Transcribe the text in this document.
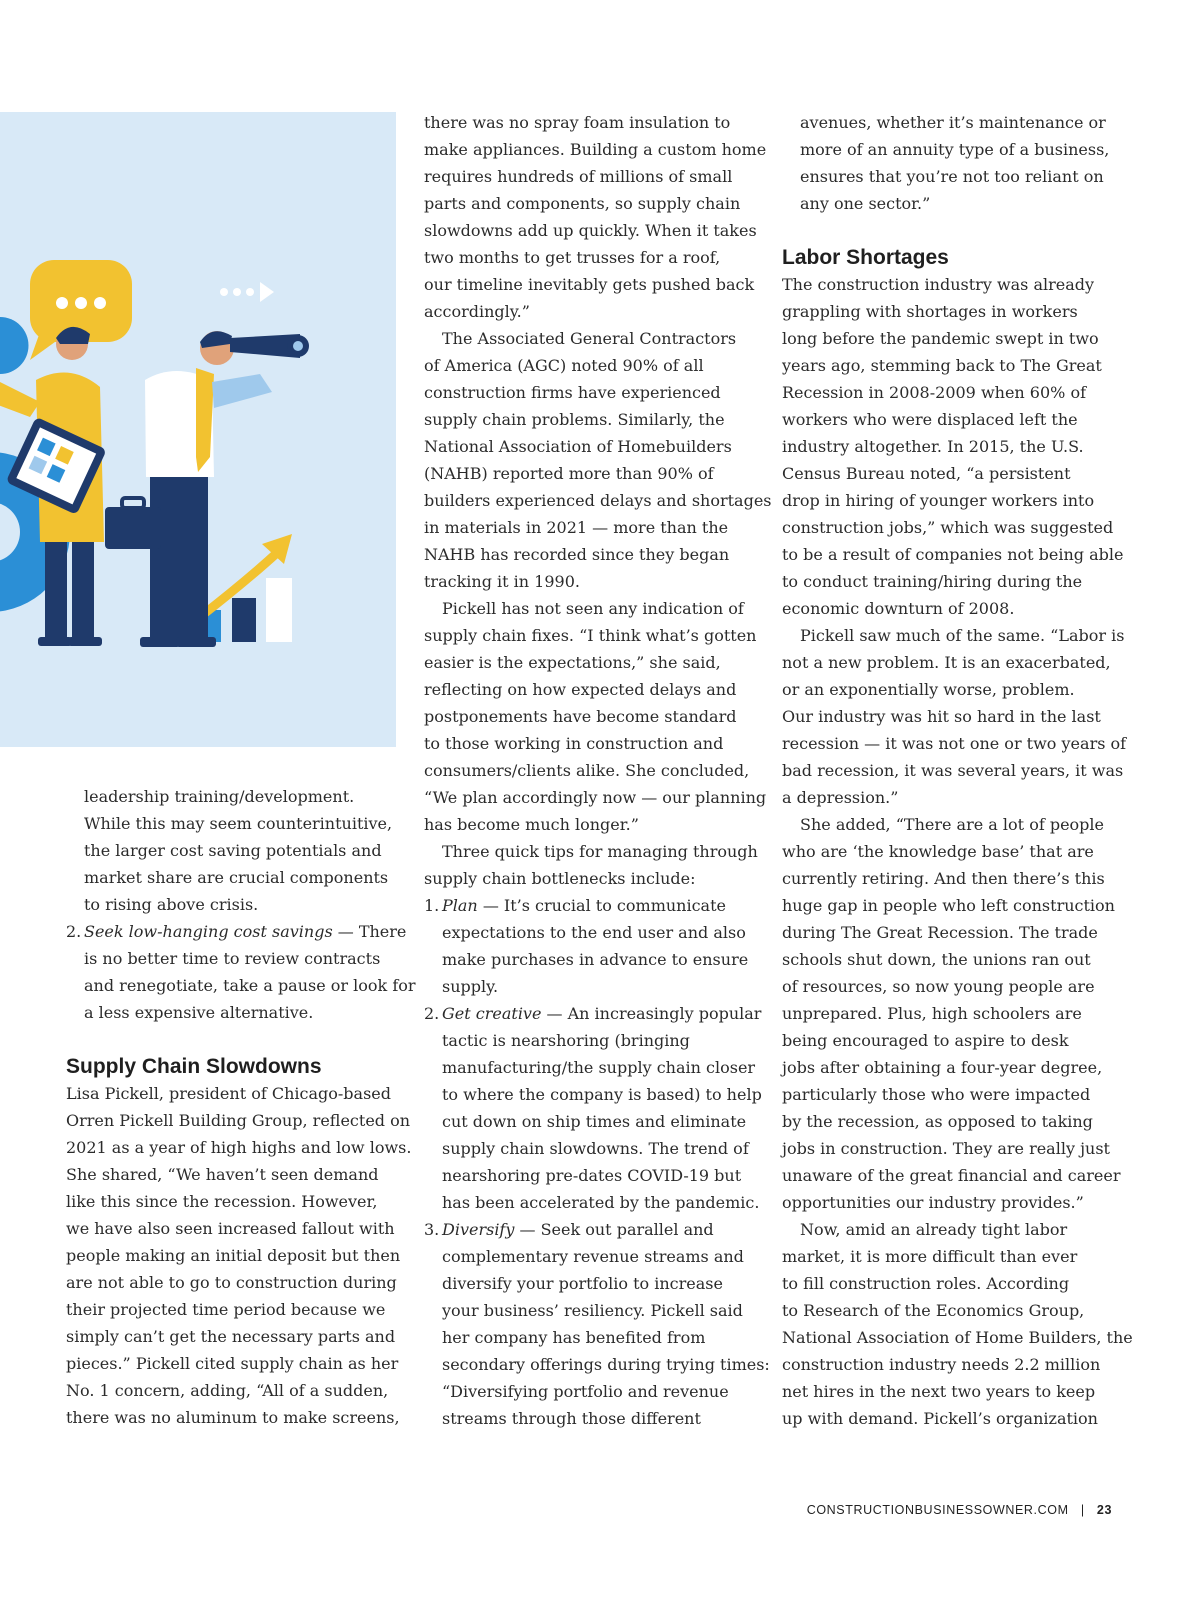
leadership training/development.
While this may seem counterintuitive,
the larger cost saving potentials and
market share are crucial components
to rising above crisis.
2. Seek low-hanging cost savings — There
is no better time to review contracts
and renegotiate, take a pause or look for
a less expensive alternative.
Supply Chain Slowdowns
Lisa Pickell, president of Chicago-based
Orren Pickell Building Group, reflected on
2021 as a year of high highs and low lows.
She shared, “We haven’t seen demand
like this since the recession. However,
we have also seen increased fallout with
people making an initial deposit but then
are not able to go to construction during
their projected time period because we
simply can’t get the necessary parts and
pieces.” Pickell cited supply chain as her
No. 1 concern, adding, “All of a sudden,
there was no aluminum to make screens,
there was no spray foam insulation to
make appliances. Building a custom home
requires hundreds of millions of small
parts and components, so supply chain
slowdowns add up quickly. When it takes
two months to get trusses for a roof,
our timeline inevitably gets pushed back
accordingly.”
The Associated General Contractors
of America (AGC) noted 90% of all
construction firms have experienced
supply chain problems. Similarly, the
National Association of Homebuilders
(NAHB) reported more than 90% of
builders experienced delays and shortages
in materials in 2021 — more than the
NAHB has recorded since they began
tracking it in 1990.
Pickell has not seen any indication of
supply chain fixes. “I think what’s gotten
easier is the expectations,” she said,
reflecting on how expected delays and
postponements have become standard
to those working in construction and
consumers/clients alike. She concluded,
“We plan accordingly now — our planning
has become much longer.”
Three quick tips for managing through
supply chain bottlenecks include:
1. Plan — It’s crucial to communicate
expectations to the end user and also
make purchases in advance to ensure
supply.
2. Get creative — An increasingly popular
tactic is nearshoring (bringing
manufacturing/the supply chain closer
to where the company is based) to help
cut down on ship times and eliminate
supply chain slowdowns. The trend of
nearshoring pre-dates COVID-19 but
has been accelerated by the pandemic.
3. Diversify — Seek out parallel and
complementary revenue streams and
diversify your portfolio to increase
your business’ resiliency. Pickell said
her company has benefited from
secondary offerings during trying times:
“Diversifying portfolio and revenue
streams through those different
avenues, whether it’s maintenance or
more of an annuity type of a business,
ensures that you’re not too reliant on
any one sector.”
Labor Shortages
The construction industry was already
grappling with shortages in workers
long before the pandemic swept in two
years ago, stemming back to The Great
Recession in 2008-2009 when 60% of
workers who were displaced left the
industry altogether. In 2015, the U.S.
Census Bureau noted, “a persistent
drop in hiring of younger workers into
construction jobs,” which was suggested
to be a result of companies not being able
to conduct training/hiring during the
economic downturn of 2008.
Pickell saw much of the same. “Labor is
not a new problem. It is an exacerbated,
or an exponentially worse, problem.
Our industry was hit so hard in the last
recession — it was not one or two years of
bad recession, it was several years, it was
a depression.”
She added, “There are a lot of people
who are ‘the knowledge base’ that are
currently retiring. And then there’s this
huge gap in people who left construction
during The Great Recession. The trade
schools shut down, the unions ran out
of resources, so now young people are
unprepared. Plus, high schoolers are
being encouraged to aspire to desk
jobs after obtaining a four-year degree,
particularly those who were impacted
by the recession, as opposed to taking
jobs in construction. They are really just
unaware of the great financial and career
opportunities our industry provides.”
Now, amid an already tight labor
market, it is more difficult than ever
to fill construction roles. According
to Research of the Economics Group,
National Association of Home Builders, the
construction industry needs 2.2 million
net hires in the next two years to keep
up with demand. Pickell’s organization
CONSTRUCTIONBUSINESSOWNER.COM | 23
